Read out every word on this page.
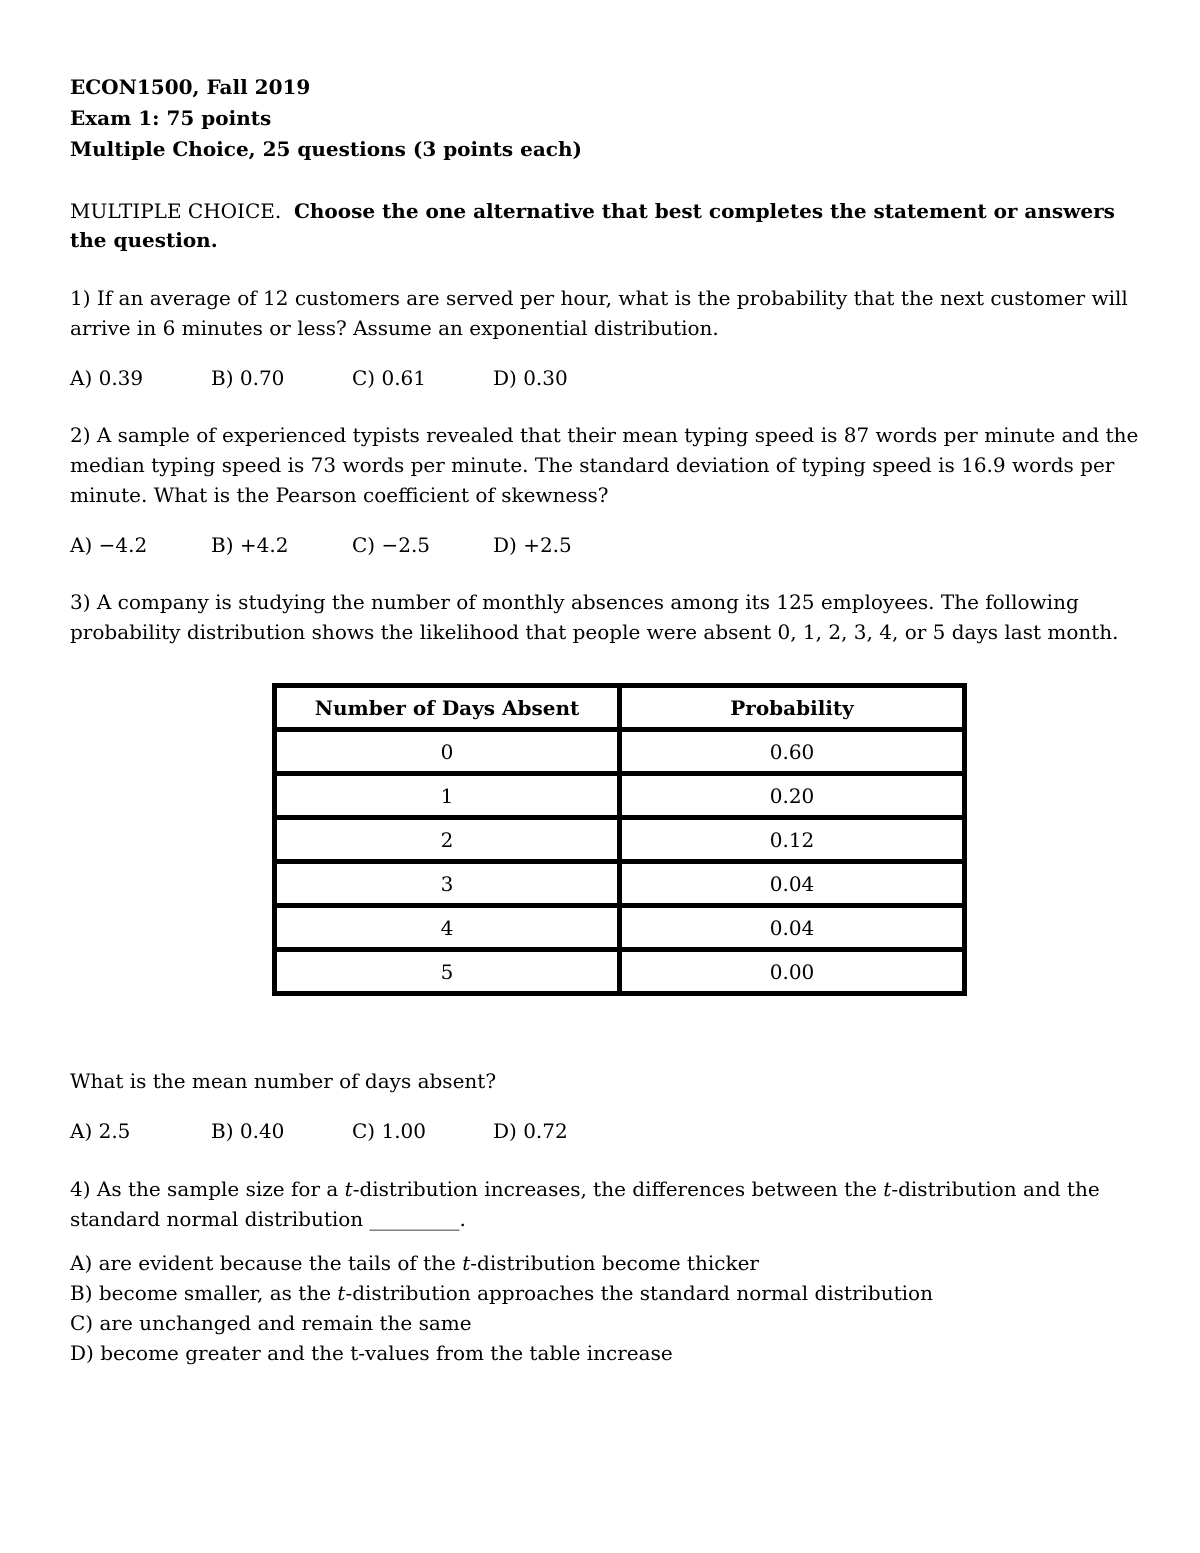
ECON1500, Fall 2019
Exam 1: 75 points
Multiple Choice, 25 questions (3 points each)
MULTIPLE CHOICE. Choose the one alternative that best completes the statement or answers the question.

1) If an average of 12 customers are served per hour, what is the probability that the next customer will arrive in 6 minutes or less? Assume an exponential distribution.

A) 0.39	B) 0.70	C) 0.61	D) 0.30

2) A sample of experienced typists revealed that their mean typing speed is 87 words per minute and the median typing speed is 73 words per minute. The standard deviation of typing speed is 16.9 words per minute. What is the Pearson coefficient of skewness?

A) −4.2	B) +4.2	C) −2.5	D) +2.5

3) A company is studying the number of monthly absences among its 125 employees. The following probability distribution shows the likelihood that people were absent 0, 1, 2, 3, 4, or 5 days last month.

Number of Days Absent	Probability
0	0.60
1	0.20
2	0.12
3	0.04
4	0.04
5	0.00

What is the mean number of days absent?

A) 2.5	B) 0.40	C) 1.00	D) 0.72

4) As the sample size for a t-distribution increases, the differences between the t-distribution and the standard normal distribution _________.

A) are evident because the tails of the t-distribution become thicker
B) become smaller, as the t-distribution approaches the standard normal distribution
C) are unchanged and remain the same
D) become greater and the t-values from the table increase
